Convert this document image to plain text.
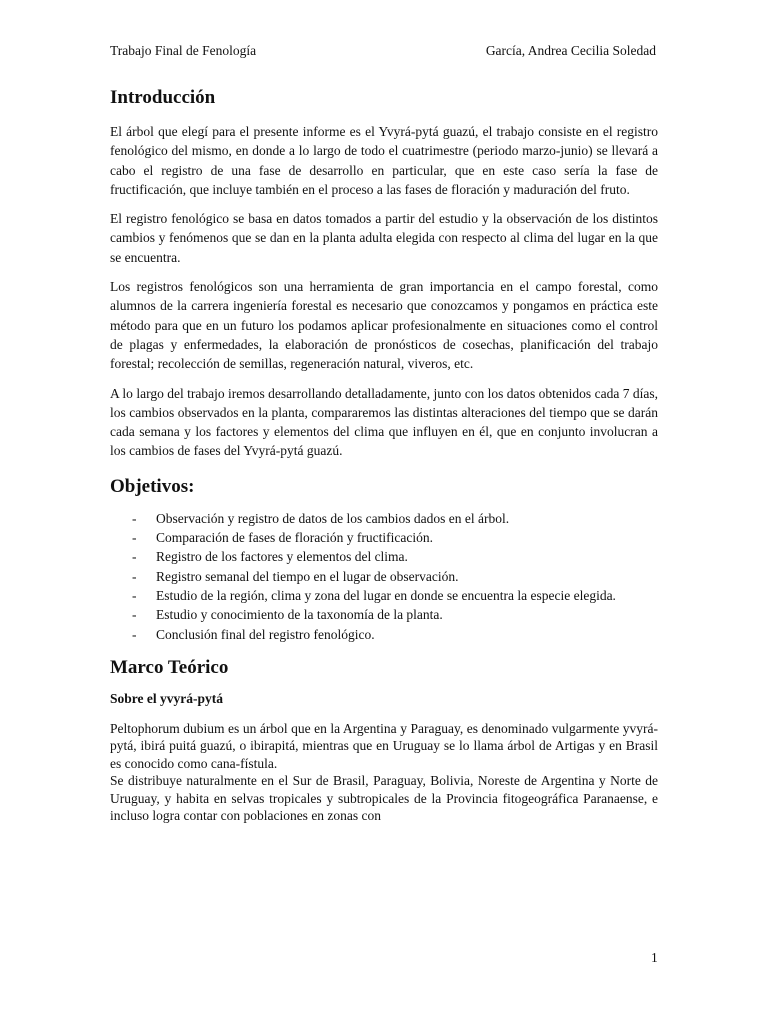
Trabajo Final de Fenología	García, Andrea Cecilia Soledad
Introducción

El árbol que elegí para el presente informe es el Yvyrá-pytá guazú, el trabajo consiste en el registro fenológico del mismo, en donde a lo largo de todo el cuatrimestre (periodo marzo-junio) se llevará a cabo el registro de una fase de desarrollo en particular, que en este caso sería la fase de fructificación, que incluye también en el proceso a las fases de floración y maduración del fruto.

El registro fenológico se basa en datos tomados a partir del estudio y la observación de los distintos cambios y fenómenos que se dan en la planta adulta elegida con respecto al clima del lugar en la que se encuentra.

Los registros fenológicos son una herramienta de gran importancia en el campo forestal, como alumnos de la carrera ingeniería forestal es necesario que conozcamos y pongamos en práctica este método para que en un futuro los podamos aplicar profesionalmente en situaciones como el control de plagas y enfermedades, la elaboración de pronósticos de cosechas, planificación del trabajo forestal; recolección de semillas, regeneración natural, viveros, etc.

A lo largo del trabajo iremos desarrollando detalladamente, junto con los datos obtenidos cada 7 días, los cambios observados en la planta, compararemos las distintas alteraciones del tiempo que se darán cada semana y los factores y elementos del clima que influyen en él, que en conjunto involucran a los cambios de fases del Yvyrá-pytá guazú.

Objetivos:
- Observación y registro de datos de los cambios dados en el árbol.
- Comparación de fases de floración y fructificación.
- Registro de los factores y elementos del clima.
- Registro semanal del tiempo en el lugar de observación.
- Estudio de la región, clima y zona del lugar en donde se encuentra la especie elegida.
- Estudio y conocimiento de la taxonomía de la planta.
- Conclusión final del registro fenológico.
Marco Teórico
Sobre el yvyrá-pytá

Peltophorum dubium es un árbol que en la Argentina y Paraguay, es denominado vulgarmente yvyrá-pytá, ibirá puitá guazú, o ibirapitá, mientras que en Uruguay se lo llama árbol de Artigas y en Brasil es conocido como cana-fístula.

Se distribuye naturalmente en el Sur de Brasil, Paraguay, Bolivia, Noreste de Argentina y Norte de Uruguay, y habita en selvas tropicales y subtropicales de la Provincia fitogeográfica Paranaense, e incluso logra contar con poblaciones en zonas con

1
